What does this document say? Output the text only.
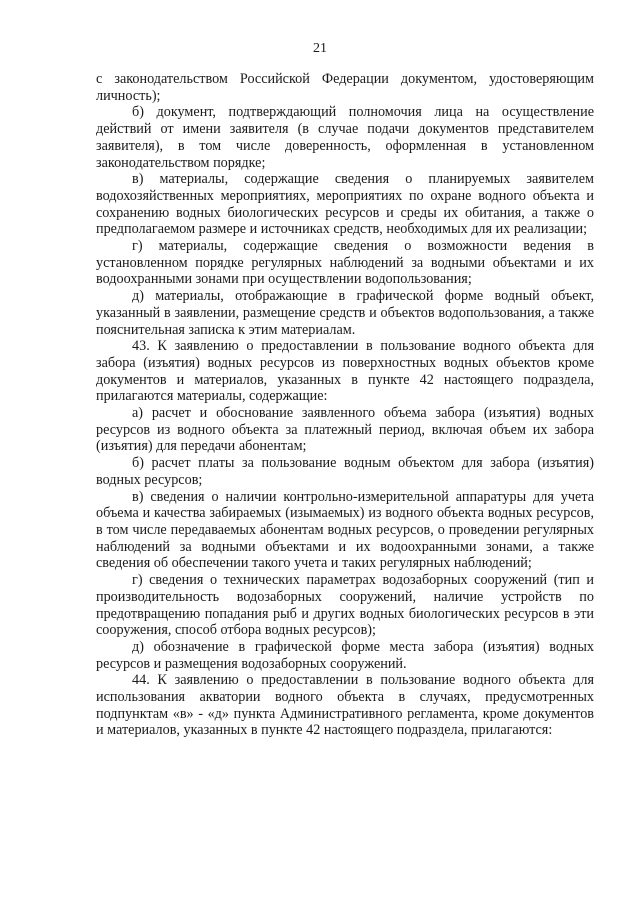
21

с законодательством Российской Федерации документом, удостоверяющим личность);

б) документ, подтверждающий полномочия лица на осуществление действий от имени заявителя (в случае подачи документов представителем заявителя), в том числе доверенность, оформленная в установленном законодательством порядке;

в) материалы, содержащие сведения о планируемых заявителем водохозяйственных мероприятиях, мероприятиях по охране водного объекта и сохранению водных биологических ресурсов и среды их обитания, а также о предполагаемом размере и источниках средств, необходимых для их реализации;

г) материалы, содержащие сведения о возможности ведения в установленном порядке регулярных наблюдений за водными объектами и их водоохранными зонами при осуществлении водопользования;

д) материалы, отображающие в графической форме водный объект, указанный в заявлении, размещение средств и объектов водопользования, а также пояснительная записка к этим материалам.

43. К заявлению о предоставлении в пользование водного объекта для забора (изъятия) водных ресурсов из поверхностных водных объектов кроме документов и материалов, указанных в пункте 42 настоящего подраздела, прилагаются материалы, содержащие:

а) расчет и обоснование заявленного объема забора (изъятия) водных ресурсов из водного объекта за платежный период, включая объем их забора (изъятия) для передачи абонентам;

б) расчет платы за пользование водным объектом для забора (изъятия) водных ресурсов;

в) сведения о наличии контрольно-измерительной аппаратуры для учета объема и качества забираемых (изымаемых) из водного объекта водных ресурсов, в том числе передаваемых абонентам водных ресурсов, о проведении регулярных наблюдений за водными объектами и их водоохранными зонами, а также сведения об обеспечении такого учета и таких регулярных наблюдений;

г) сведения о технических параметрах водозаборных сооружений (тип и производительность водозаборных сооружений, наличие устройств по предотвращению попадания рыб и других водных биологических ресурсов в эти сооружения, способ отбора водных ресурсов);

д) обозначение в графической форме места забора (изъятия) водных ресурсов и размещения водозаборных сооружений.

44. К заявлению о предоставлении в пользование водного объекта для использования акватории водного объекта в случаях, предусмотренных подпунктам «в» - «д» пункта Административного регламента, кроме документов и материалов, указанных в пункте 42 настоящего подраздела, прилагаются:
